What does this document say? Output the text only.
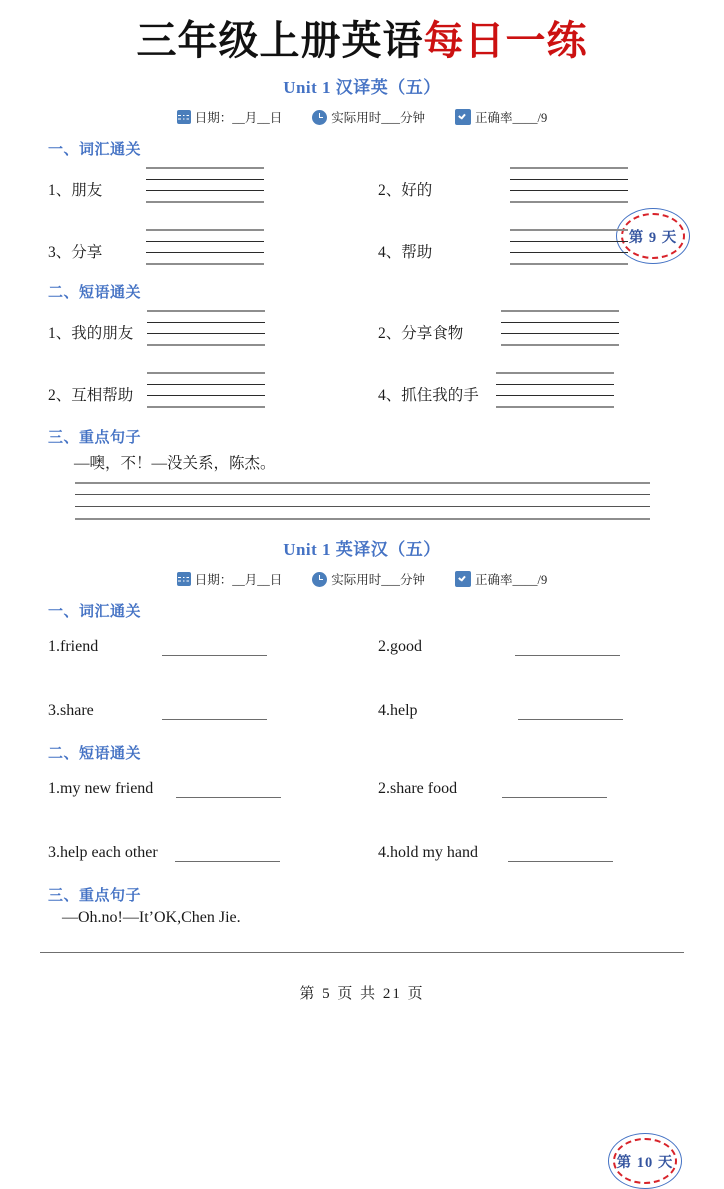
三年级上册英语每日一练
Unit 1 汉译英（五）
日期：__月__日	实际用时___分钟	正确率____/9
第 9 天
一、词汇通关
1、朋友	2、好的
3、分享	4、帮助
二、短语通关
1、我的朋友	2、分享食物
2、互相帮助	4、抓住我的手
三、重点句子
—噢，不！—没关系，陈杰。
Unit 1 英译汉（五）
日期：__月__日	实际用时___分钟	正确率____/9
第 10 天
一、词汇通关
1.friend	2.good
3.share	4.help
二、短语通关
1.my new friend	2.share food
3.help each other	4.hold my hand
三、重点句子
—Oh.no!—It’OK,Chen Jie.
第 5 页 共 21 页
